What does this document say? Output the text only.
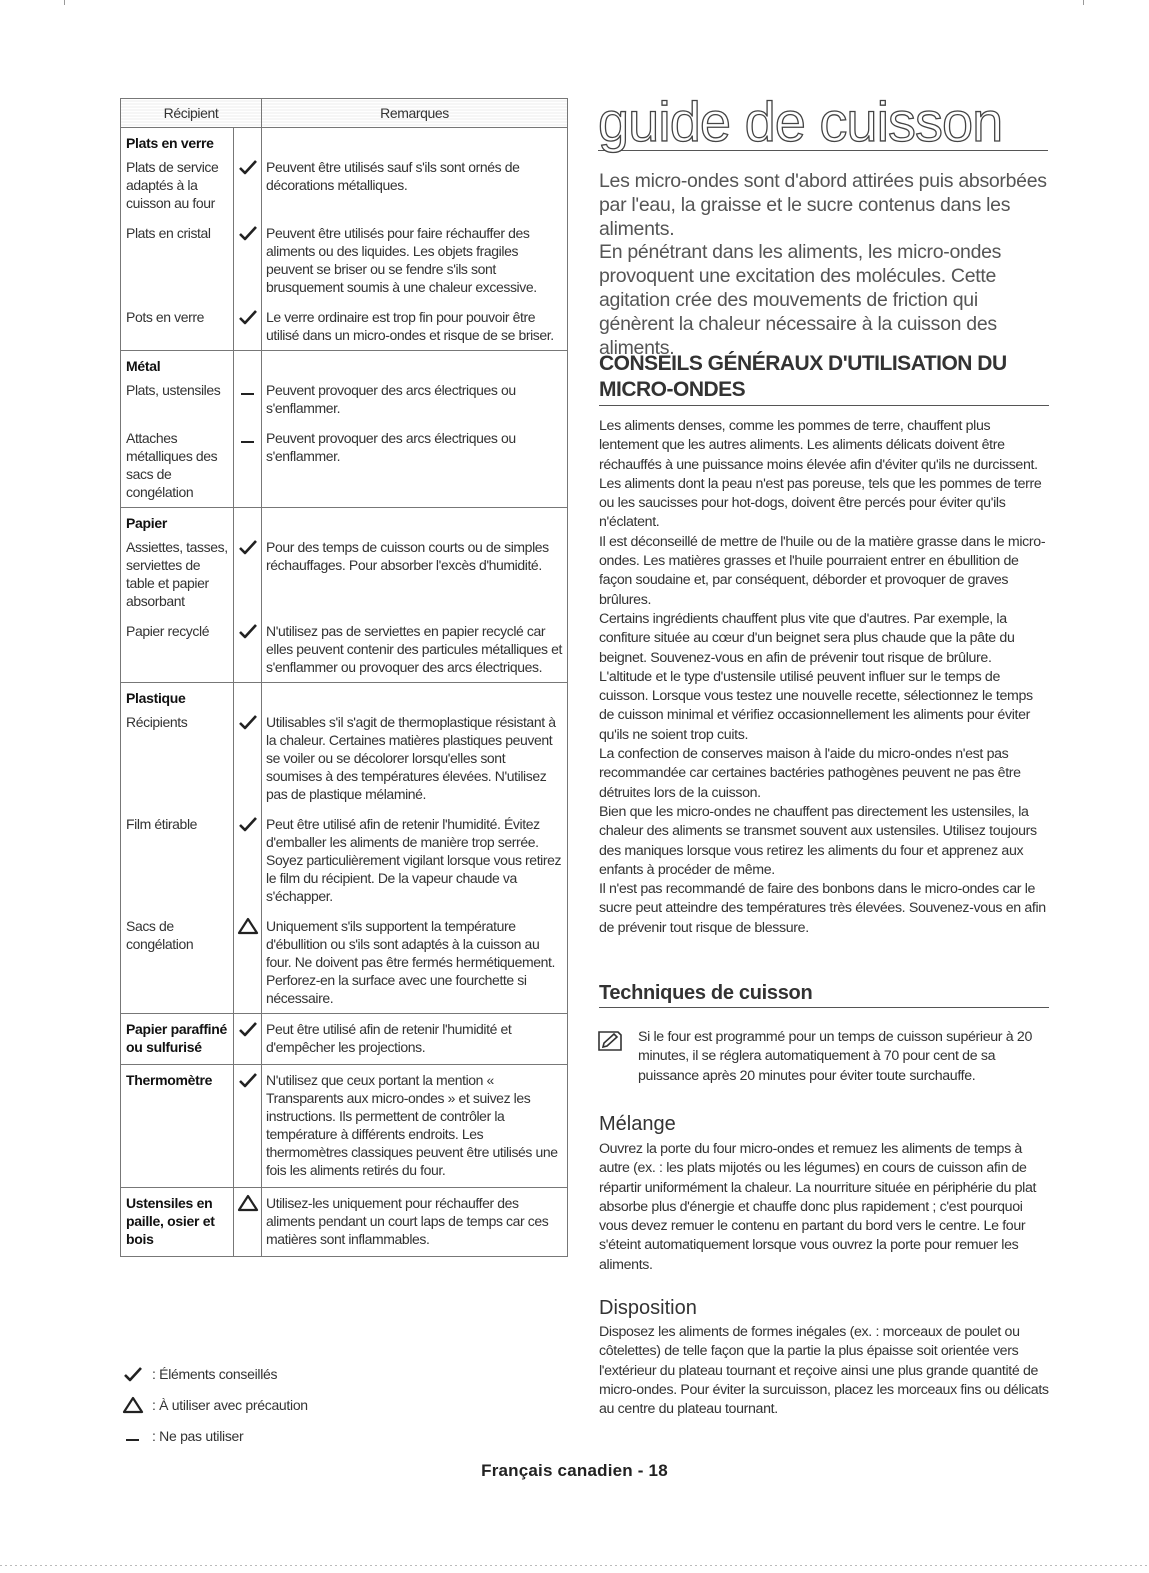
Récipient		Remarques
Plats en verre		
Plats de service adaptés à la cuisson au four		Peuvent être utilisés sauf s'ils sont ornés de décorations métalliques.
Plats en cristal		Peuvent être utilisés pour faire réchauffer des aliments ou des liquides. Les objets fragiles peuvent se briser ou se fendre s'ils sont brusquement soumis à une chaleur excessive.
Pots en verre		Le verre ordinaire est trop fin pour pouvoir être utilisé dans un micro-ondes et risque de se briser.
Métal		
Plats, ustensiles		Peuvent provoquer des arcs électriques ou s'enflammer.
Attaches métalliques des sacs de congélation		Peuvent provoquer des arcs électriques ou s'enflammer.
Papier		
Assiettes, tasses, serviettes de table et papier absorbant		Pour des temps de cuisson courts ou de simples réchauffages. Pour absorber l'excès d'humidité.
Papier recyclé		N'utilisez pas de serviettes en papier recyclé car elles peuvent contenir des particules métalliques et s'enflammer ou provoquer des arcs électriques.
Plastique		
Récipients		Utilisables s'il s'agit de thermoplastique résistant à la chaleur. Certaines matières plastiques peuvent se voiler ou se décolorer lorsqu'elles sont soumises à des températures élevées. N'utilisez pas de plastique mélaminé.
Film étirable		Peut être utilisé afin de retenir l'humidité. Évitez d'emballer les aliments de manière trop serrée. Soyez particulièrement vigilant lorsque vous retirez le film du récipient. De la vapeur chaude va s'échapper.
Sacs de congélation		Uniquement s'ils supportent la température d'ébullition ou s'ils sont adaptés à la cuisson au four. Ne doivent pas être fermés hermétiquement. Perforez-en la surface avec une fourchette si nécessaire.
Papier paraffiné ou sulfurisé		Peut être utilisé afin de retenir l'humidité et d'empêcher les projections.
Thermomètre		N'utilisez que ceux portant la mention « Transparents aux micro-ondes » et suivez les instructions. Ils permettent de contrôler la température à différents endroits. Les thermomètres classiques peuvent être utilisés une fois les aliments retirés du four.
Ustensiles en paille, osier et bois		Utilisez-les uniquement pour réchauffer des aliments pendant un court laps de temps car ces matières sont inflammables.
: Éléments conseillés
: À utiliser avec précaution
: Ne pas utiliser
guide de cuisson

Les micro-ondes sont d'abord attirées puis absorbées par l'eau, la graisse et le sucre contenus dans les aliments.

En pénétrant dans les aliments, les micro-ondes provoquent une excitation des molécules. Cette agitation crée des mouvements de friction qui génèrent la chaleur nécessaire à la cuisson des aliments.

CONSEILS GÉNÉRAUX D'UTILISATION DU
MICRO-ONDES

Les aliments denses, comme les pommes de terre, chauffent plus lentement que les autres aliments. Les aliments délicats doivent être réchauffés à une puissance moins élevée afin d'éviter qu'ils ne durcissent.

Les aliments dont la peau n'est pas poreuse, tels que les pommes de terre ou les saucisses pour hot-dogs, doivent être percés pour éviter qu'ils n'éclatent.

Il est déconseillé de mettre de l'huile ou de la matière grasse dans le micro-ondes. Les matières grasses et l'huile pourraient entrer en ébullition de façon soudaine et, par conséquent, déborder et provoquer de graves brûlures.

Certains ingrédients chauffent plus vite que d'autres. Par exemple, la confiture située au cœur d'un beignet sera plus chaude que la pâte du beignet. Souvenez-vous en afin de prévenir tout risque de brûlure.

L'altitude et le type d'ustensile utilisé peuvent influer sur le temps de cuisson. Lorsque vous testez une nouvelle recette, sélectionnez le temps de cuisson minimal et vérifiez occasionnellement les aliments pour éviter qu'ils ne soient trop cuits.

La confection de conserves maison à l'aide du micro-ondes n'est pas recommandée car certaines bactéries pathogènes peuvent ne pas être détruites lors de la cuisson.

Bien que les micro-ondes ne chauffent pas directement les ustensiles, la chaleur des aliments se transmet souvent aux ustensiles. Utilisez toujours des maniques lorsque vous retirez les aliments du four et apprenez aux enfants à procéder de même.

Il n'est pas recommandé de faire des bonbons dans le micro-ondes car le sucre peut atteindre des températures très élevées. Souvenez-vous en afin de prévenir tout risque de blessure.

Techniques de cuisson
Si le four est programmé pour un temps de cuisson supérieur à 20 minutes, il se réglera automatiquement à 70 pour cent de sa puissance après 20 minutes pour éviter toute surchauffe.
Mélange

Ouvrez la porte du four micro-ondes et remuez les aliments de temps à autre (ex. : les plats mijotés ou les légumes) en cours de cuisson afin de répartir uniformément la chaleur. La nourriture située en périphérie du plat absorbe plus d'énergie et chauffe donc plus rapidement ; c'est pourquoi vous devez remuer le contenu en partant du bord vers le centre. Le four s'éteint automatiquement lorsque vous ouvrez la porte pour remuer les aliments.

Disposition

Disposez les aliments de formes inégales (ex. : morceaux de poulet ou côtelettes) de telle façon que la partie la plus épaisse soit orientée vers l'extérieur du plateau tournant et reçoive ainsi une plus grande quantité de micro-ondes. Pour éviter la surcuisson, placez les morceaux fins ou délicats au centre du plateau tournant.

Français canadien - 18
